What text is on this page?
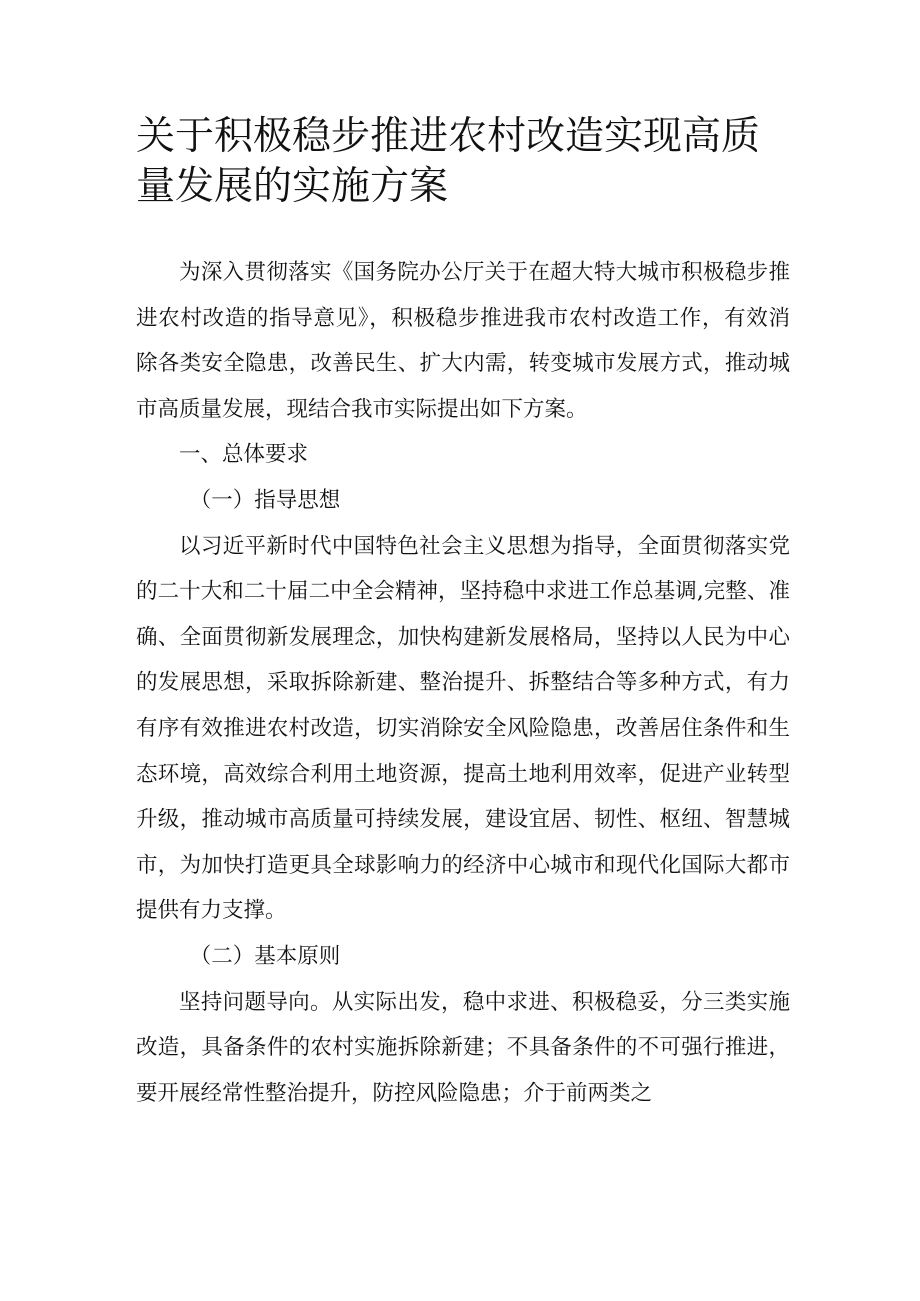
关于积极稳步推进农村改造实现高质量发展的实施方案

为深入贯彻落实《国务院办公厅关于在超大特大城市积极稳步推进农村改造的指导意见》，积极稳步推进我市农村改造工作，有效消除各类安全隐患，改善民生、扩大内需，转变城市发展方式，推动城市高质量发展，现结合我市实际提出如下方案。

一、总体要求

（一）指导思想

以习近平新时代中国特色社会主义思想为指导，全面贯彻落实党的二十大和二十届二中全会精神，坚持稳中求进工作总基调,完整、准确、全面贯彻新发展理念，加快构建新发展格局，坚持以人民为中心的发展思想，采取拆除新建、整治提升、拆整结合等多种方式，有力有序有效推进农村改造，切实消除安全风险隐患，改善居住条件和生态环境，高效综合利用土地资源，提高土地利用效率，促进产业转型升级，推动城市高质量可持续发展，建设宜居、韧性、枢纽、智慧城市，为加快打造更具全球影响力的经济中心城市和现代化国际大都市提供有力支撑。

（二）基本原则

坚持问题导向。从实际出发，稳中求进、积极稳妥，分三类实施改造，具备条件的农村实施拆除新建；不具备条件的不可强行推进，要开展经常性整治提升，防控风险隐患；介于前两类之
